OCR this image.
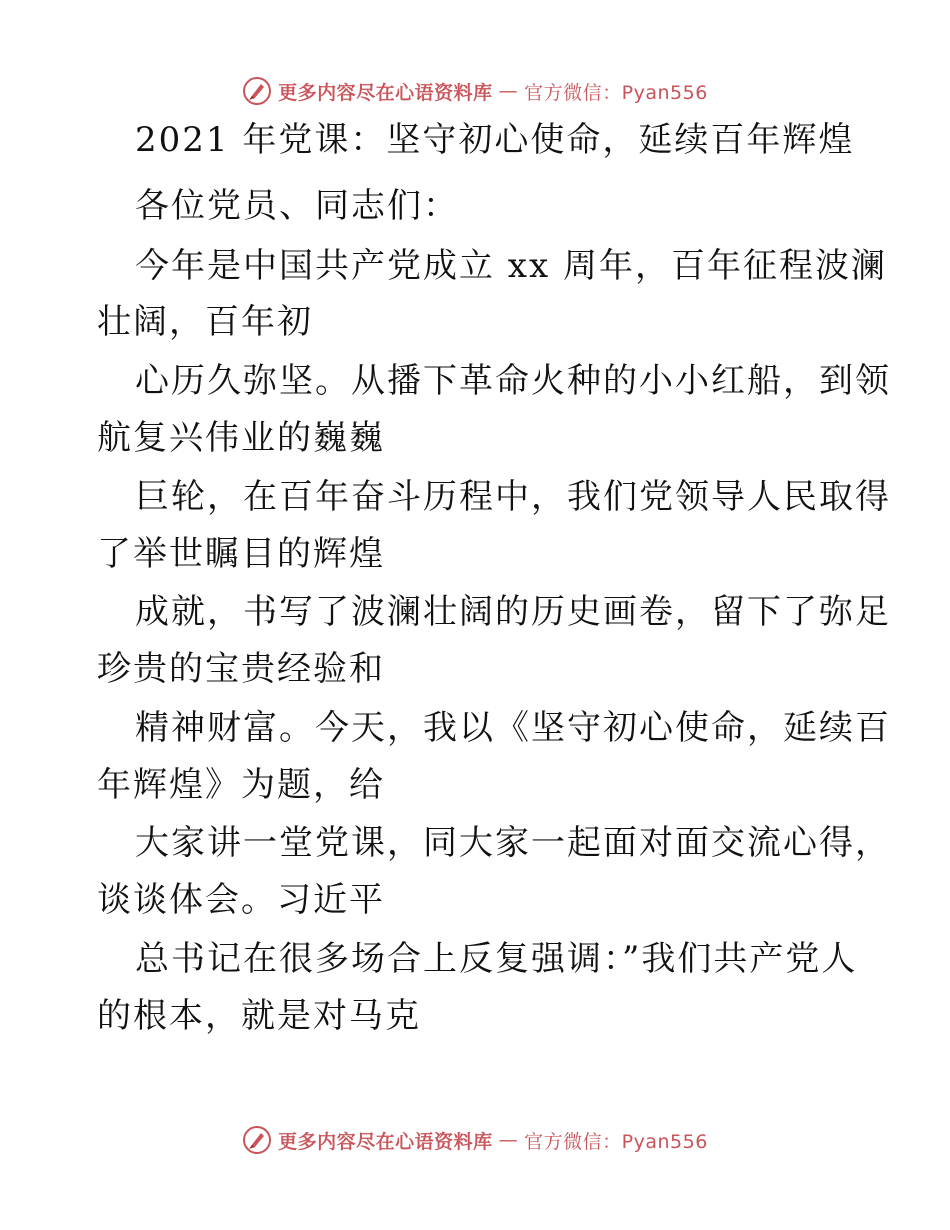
更多内容尽在心语资料库 — 官方微信：Pyan556
2021 年党课：坚守初心使命，延续百年辉煌
各位党员、同志们：
今年是中国共产党成立 xx 周年，百年征程波澜
壮阔，百年初
心历久弥坚。从播下革命火种的小小红船，到领
航复兴伟业的巍巍
巨轮，在百年奋斗历程中，我们党领导人民取得
了举世瞩目的辉煌
成就，书写了波澜壮阔的历史画卷，留下了弥足
珍贵的宝贵经验和
精神财富。今天，我以《坚守初心使命，延续百
年辉煌》为题，给
大家讲一堂党课，同大家一起面对面交流心得，
谈谈体会。习近平
总书记在很多场合上反复强调：”我们共产党人
的根本，就是对马克
更多内容尽在心语资料库 — 官方微信：Pyan556
